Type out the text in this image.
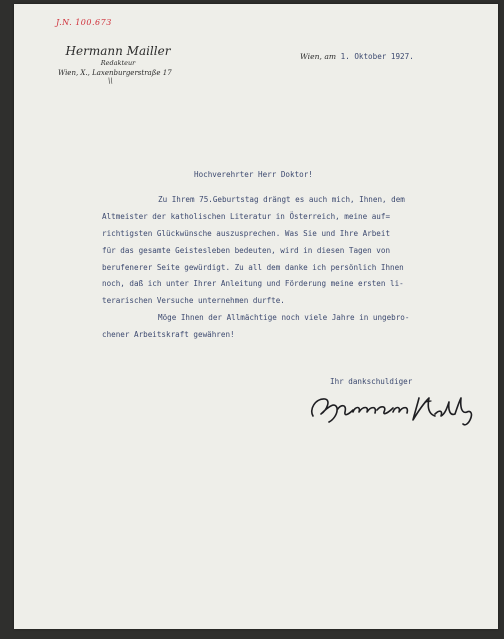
J.N. 100.673
Hermann Mailler
Redakteur
Wien, X., Laxenburgerstraße 17
\\
Wien, am 1. Oktober 1927.
Hochverehrter Herr Doktor!
Zu Ihrem 75.Geburtstag drängt es auch mich, Ihnen, dem
Altmeister der katholischen Literatur in Österreich, meine auf=
richtigsten Glückwünsche auszusprechen. Was Sie und Ihre Arbeit
für das gesamte Geistesleben bedeuten, wird in diesen Tagen von
berufenerer Seite gewürdigt. Zu all dem danke ich persönlich Ihnen
noch, daß ich unter Ihrer Anleitung und Förderung meine ersten li-
terarischen Versuche unternehmen durfte.
Möge Ihnen der Allmächtige noch viele Jahre in ungebro-
chener Arbeitskraft gewähren!
Ihr dankschuldiger
